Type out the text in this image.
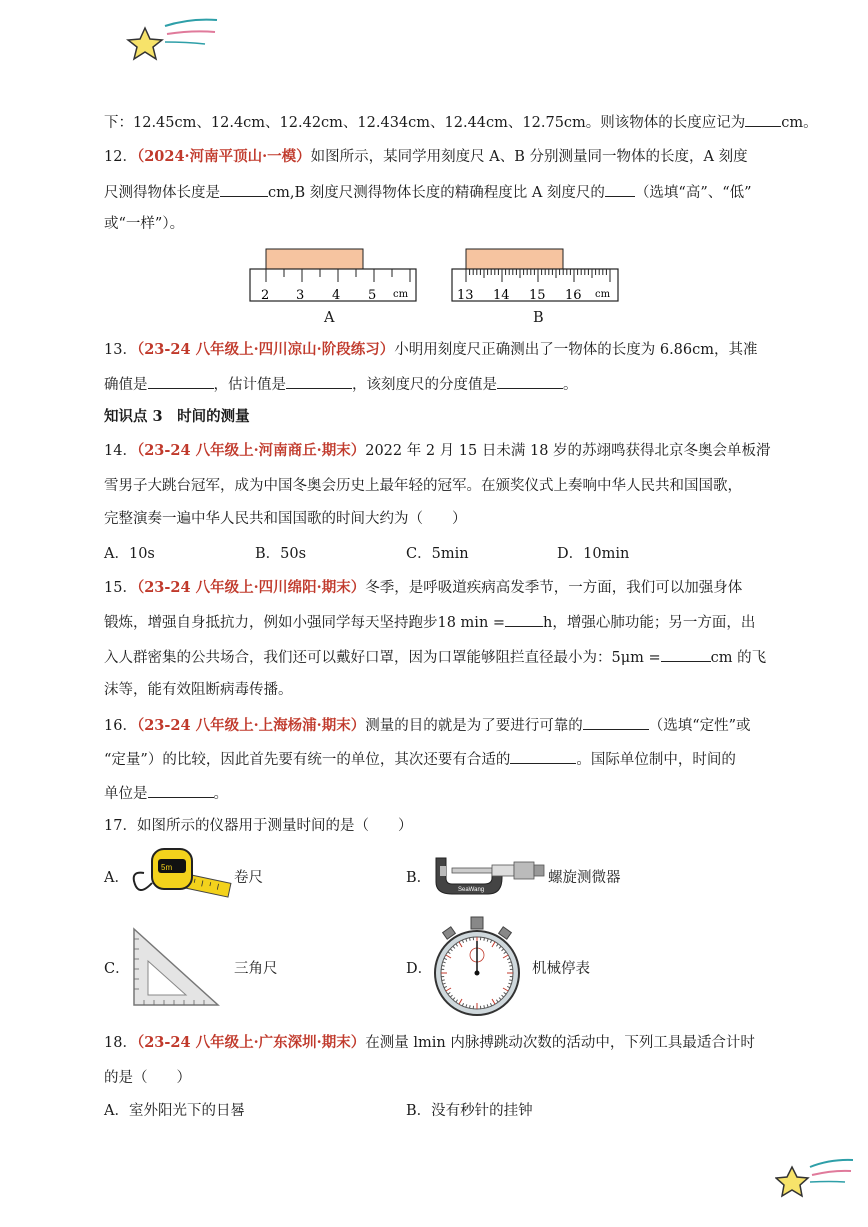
下：12.45cm、12.4cm、12.42cm、12.434cm、12.44cm、12.75cm。则该物体的长度应记为 cm。
12．（2024·河南平顶山·一模）如图所示，某同学用刻度尺 A、B 分别测量同一物体的长度，A 刻度
尺测得物体长度是	cm,B 刻度尺测得物体长度的精确程度比 A 刻度尺的 （选填“高”、“低”
或“一样”）。
2 3 4 5 cm
A
13 14 15 16 cm
B
13．（23-24 八年级上·四川凉山·阶段练习）小明用刻度尺正确测出了一物体的长度为 6.86cm，其准
确值是	，估计值是	，该刻度尺的分度值是	。
知识点 3　时间的测量
14．（23-24 八年级上·河南商丘·期末）2022 年 2 月 15 日未满 18 岁的苏翊鸣获得北京冬奥会单板滑
雪男子大跳台冠军，成为中国冬奥会历史上最年轻的冠军。在颁奖仪式上奏响中华人民共和国国歌，
完整演奏一遍中华人民共和国国歌的时间大约为（　　）
A．10s	B．50s	C．5min	D．10min
15．（23-24 八年级上·四川绵阳·期末）冬季，是呼吸道疾病高发季节，一方面，我们可以加强身体
锻炼，增强自身抵抗力，例如小强同学每天坚持跑步18 min =	h，增强心肺功能；另一方面，出
入人群密集的公共场合，我们还可以戴好口罩，因为口罩能够阻拦直径最小为：5μm =	cm 的飞
沫等，能有效阻断病毒传播。
16．（23-24 八年级上·上海杨浦·期末）测量的目的就是为了要进行可靠的	（选填“定性”或
“定量”）的比较，因此首先要有统一的单位，其次还要有合适的	。国际单位制中，时间的
单位是	。
17．如图所示的仪器用于测量时间的是（　　）
A．
5m
卷尺	B．
SeaWang
螺旋测微器
C．	三角尺	D．	机械停表
18．（23-24 八年级上·广东深圳·期末）在测量 lmin 内脉搏跳动次数的活动中，下列工具最适合计时
的是（　　）
A．室外阳光下的日晷	B．没有秒针的挂钟
